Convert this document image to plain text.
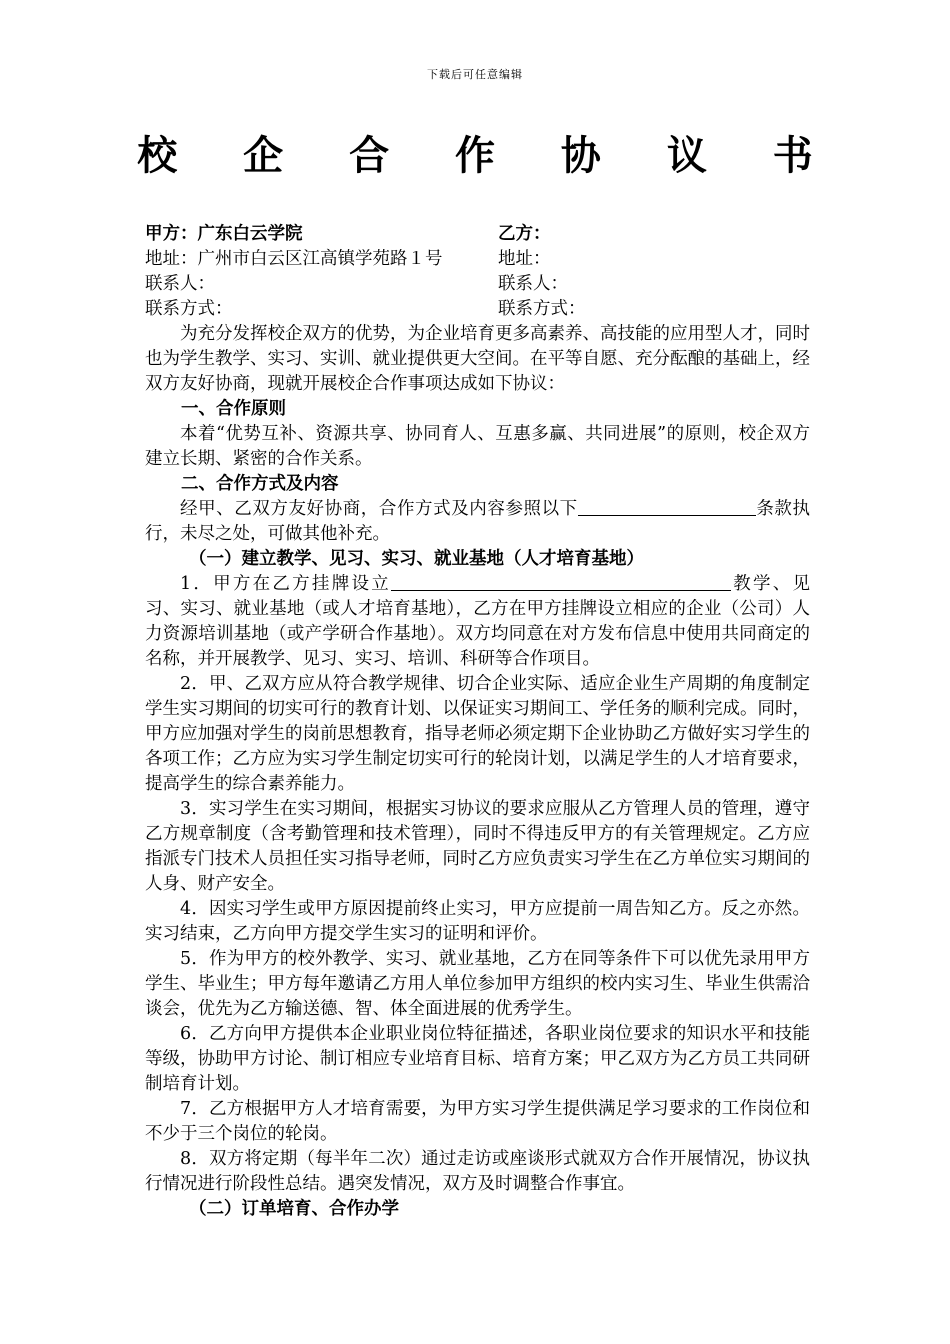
下载后可任意编辑
校 企 合 作 协 议 书
甲方：广东白云学院	乙方：
地址：广州市白云区江高镇学苑路１号	地址：
联系人：	联系人：
联系方式：	联系方式：

为充分发挥校企双方的优势，为企业培育更多高素养、高技能的应用型人才，同时也为学生教学、实习、实训、就业提供更大空间。在平等自愿、充分酝酿的基础上，经双方友好协商，现就开展校企合作事项达成如下协议：

一、合作原则

本着“优势互补、资源共享、协同育人、互惠多赢、共同进展”的原则，校企双方建立长期、紧密的合作关系。

二、合作方式及内容

经甲、乙双方友好协商，合作方式及内容参照以下	条款执行，未尽之处，可做其他补充。

（一）建立教学、见习、实习、就业基地（人才培育基地）

1．甲方在乙方挂牌设立	教学、见习、实习、就业基地（或人才培育基地），乙方在甲方挂牌设立相应的企业（公司）人力资源培训基地（或产学研合作基地）。双方均同意在对方发布信息中使用共同商定的名称，并开展教学、见习、实习、培训、科研等合作项目。

2．甲、乙双方应从符合教学规律、切合企业实际、适应企业生产周期的角度制定学生实习期间的切实可行的教育计划、以保证实习期间工、学任务的顺利完成。同时，甲方应加强对学生的岗前思想教育，指导老师必须定期下企业协助乙方做好实习学生的各项工作；乙方应为实习学生制定切实可行的轮岗计划，以满足学生的人才培育要求，提高学生的综合素养能力。

3．实习学生在实习期间，根据实习协议的要求应服从乙方管理人员的管理，遵守乙方规章制度（含考勤管理和技术管理），同时不得违反甲方的有关管理规定。乙方应指派专门技术人员担任实习指导老师，同时乙方应负责实习学生在乙方单位实习期间的人身、财产安全。

4．因实习学生或甲方原因提前终止实习，甲方应提前一周告知乙方。反之亦然。实习结束，乙方向甲方提交学生实习的证明和评价。

5．作为甲方的校外教学、实习、就业基地，乙方在同等条件下可以优先录用甲方学生、毕业生；甲方每年邀请乙方用人单位参加甲方组织的校内实习生、毕业生供需洽谈会，优先为乙方输送德、智、体全面进展的优秀学生。

6．乙方向甲方提供本企业职业岗位特征描述，各职业岗位要求的知识水平和技能等级，协助甲方讨论、制订相应专业培育目标、培育方案；甲乙双方为乙方员工共同研制培育计划。

7．乙方根据甲方人才培育需要，为甲方实习学生提供满足学习要求的工作岗位和不少于三个岗位的轮岗。

8．双方将定期（每半年二次）通过走访或座谈形式就双方合作开展情况，协议执行情况进行阶段性总结。遇突发情况，双方及时调整合作事宜。

（二）订单培育、合作办学
